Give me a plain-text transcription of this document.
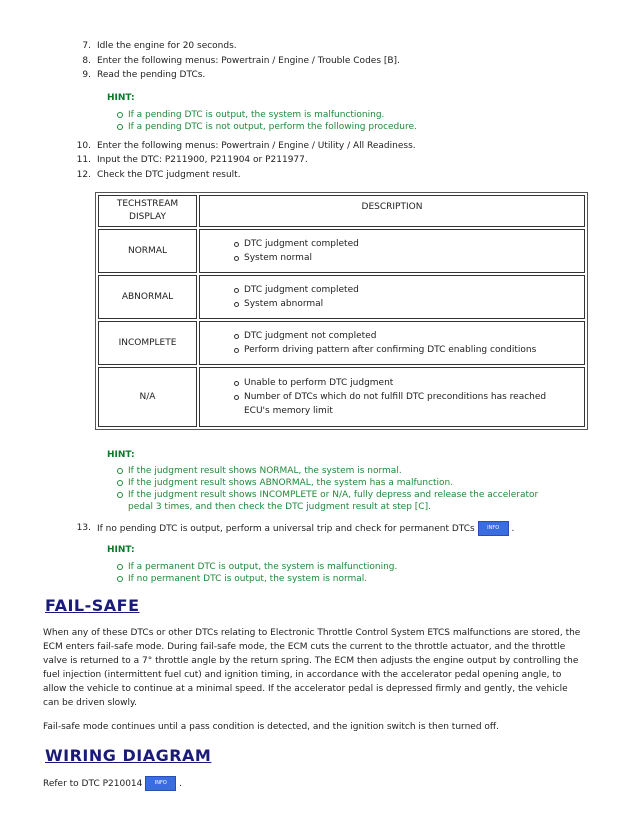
7. Idle the engine for 20 seconds.
8. Enter the following menus: Powertrain / Engine / Trouble Codes [B].
9. Read the pending DTCs.
HINT:
If a pending DTC is output, the system is malfunctioning.
If a pending DTC is not output, perform the following procedure.
10. Enter the following menus: Powertrain / Engine / Utility / All Readiness.
11. Input the DTC: P211900, P211904 or P211977.
12. Check the DTC judgment result.
TECHSTREAM
DISPLAY	DESCRIPTION
NORMAL	DTC judgment completed
System normal

ABNORMAL	DTC judgment completed
System abnormal

INCOMPLETE	DTC judgment not completed
Perform driving pattern after confirming DTC enabling conditions

N/A	Unable to perform DTC judgment
Number of DTCs which do not fulfill DTC preconditions has reached
ECU's memory limit
HINT:
If the judgment result shows NORMAL, the system is normal.
If the judgment result shows ABNORMAL, the system has a malfunction.
If the judgment result shows INCOMPLETE or N/A, fully depress and release the accelerator
pedal 3 times, and then check the DTC judgment result at step [C].
13. If no pending DTC is output, perform a universal trip and check for permanent DTCs INFO .
HINT:
If a permanent DTC is output, the system is malfunctioning.
If no permanent DTC is output, the system is normal.
FAIL-SAFE
When any of these DTCs or other DTCs relating to Electronic Throttle Control System ETCS malfunctions are stored, the ECM enters fail-safe mode. During fail-safe mode, the ECM cuts the current to the throttle actuator, and the throttle valve is returned to a 7° throttle angle by the return spring. The ECM then adjusts the engine output by controlling the fuel injection (intermittent fuel cut) and ignition timing, in accordance with the accelerator pedal opening angle, to allow the vehicle to continue at a minimal speed. If the accelerator pedal is depressed firmly and gently, the vehicle can be driven slowly.
Fail-safe mode continues until a pass condition is detected, and the ignition switch is then turned off.
WIRING DIAGRAM
Refer to DTC P210014 INFO .
